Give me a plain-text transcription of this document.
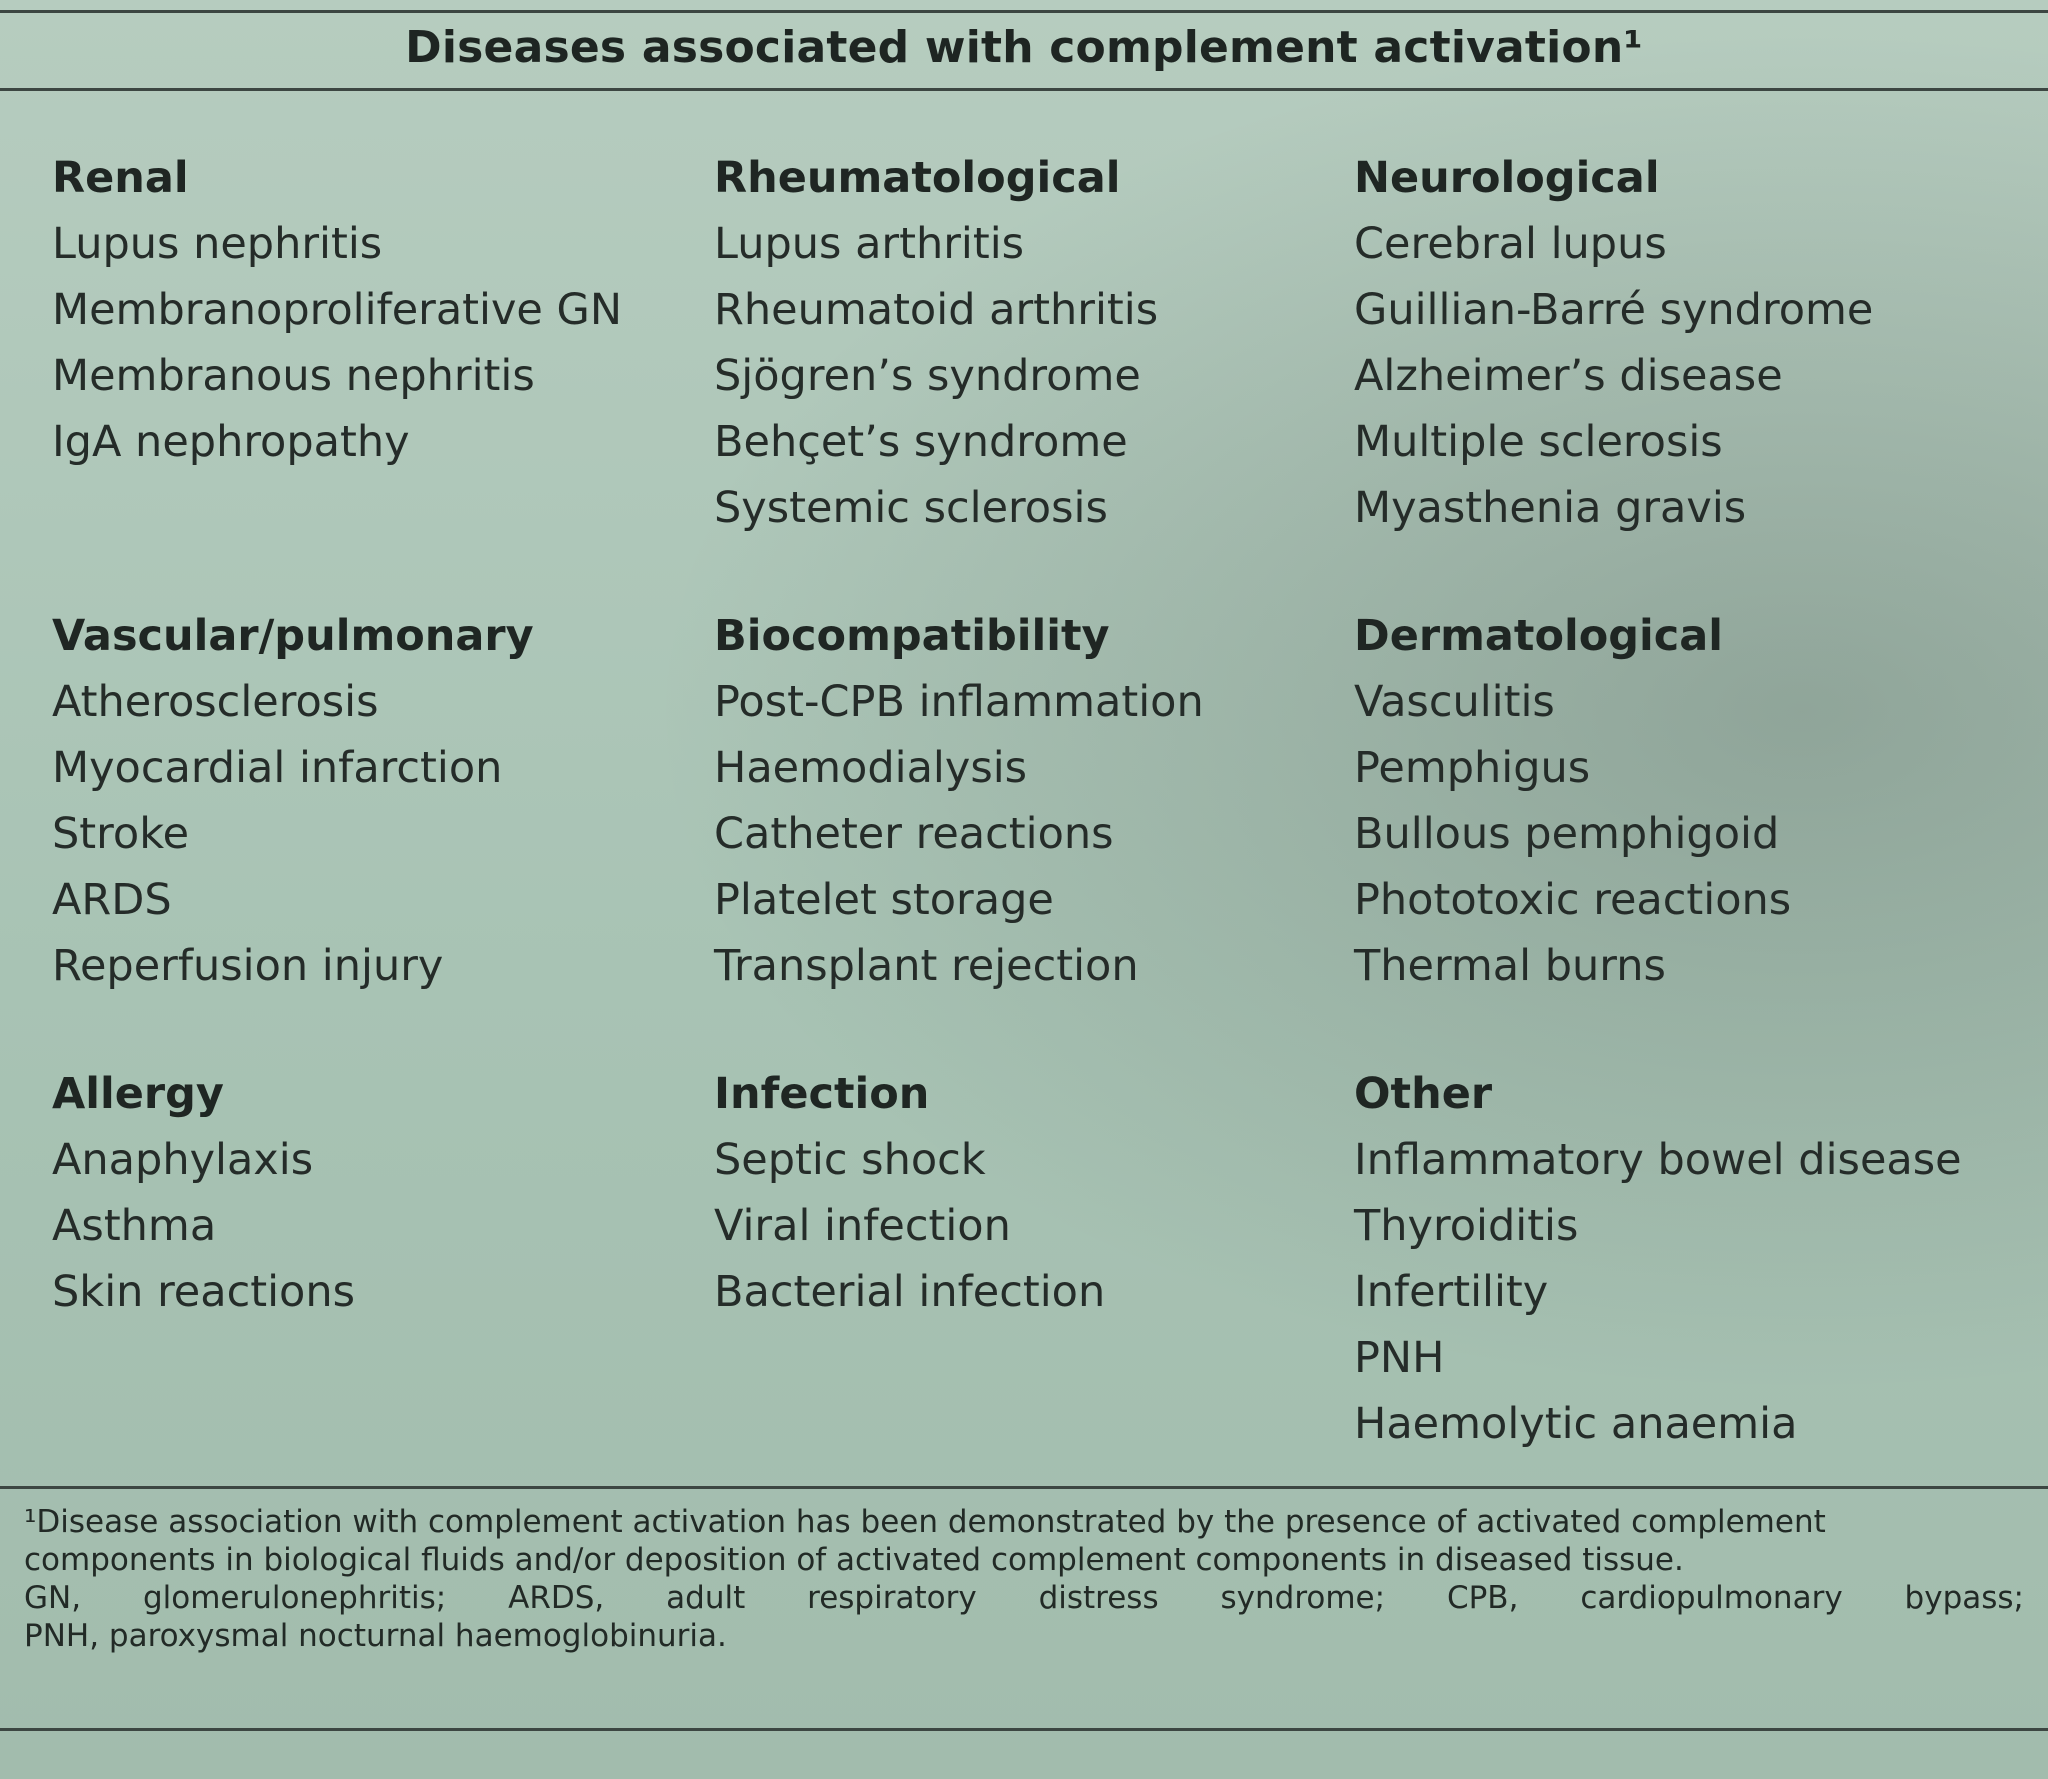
Diseases associated with complement activation¹
Renal
Lupus nephritis
Membranoproliferative GN
Membranous nephritis
IgA nephropathy
Rheumatological
Lupus arthritis
Rheumatoid arthritis
Sjögren’s syndrome
Behçet’s syndrome
Systemic sclerosis
Neurological
Cerebral lupus
Guillian-Barré syndrome
Alzheimer’s disease
Multiple sclerosis
Myasthenia gravis
Vascular/pulmonary
Atherosclerosis
Myocardial infarction
Stroke
ARDS
Reperfusion injury
Biocompatibility
Post-CPB inflammation
Haemodialysis
Catheter reactions
Platelet storage
Transplant rejection
Dermatological
Vasculitis
Pemphigus
Bullous pemphigoid
Phototoxic reactions
Thermal burns
Allergy
Anaphylaxis
Asthma
Skin reactions
Infection
Septic shock
Viral infection
Bacterial infection
Other
Inflammatory bowel disease
Thyroiditis
Infertility
PNH
Haemolytic anaemia
¹Disease association with complement activation has been demonstrated by the presence of activated complement
components in biological fluids and/or deposition of activated complement components in diseased tissue.
GN, glomerulonephritis; ARDS, adult respiratory distress syndrome; CPB, cardiopulmonary bypass;
PNH, paroxysmal nocturnal haemoglobinuria.
